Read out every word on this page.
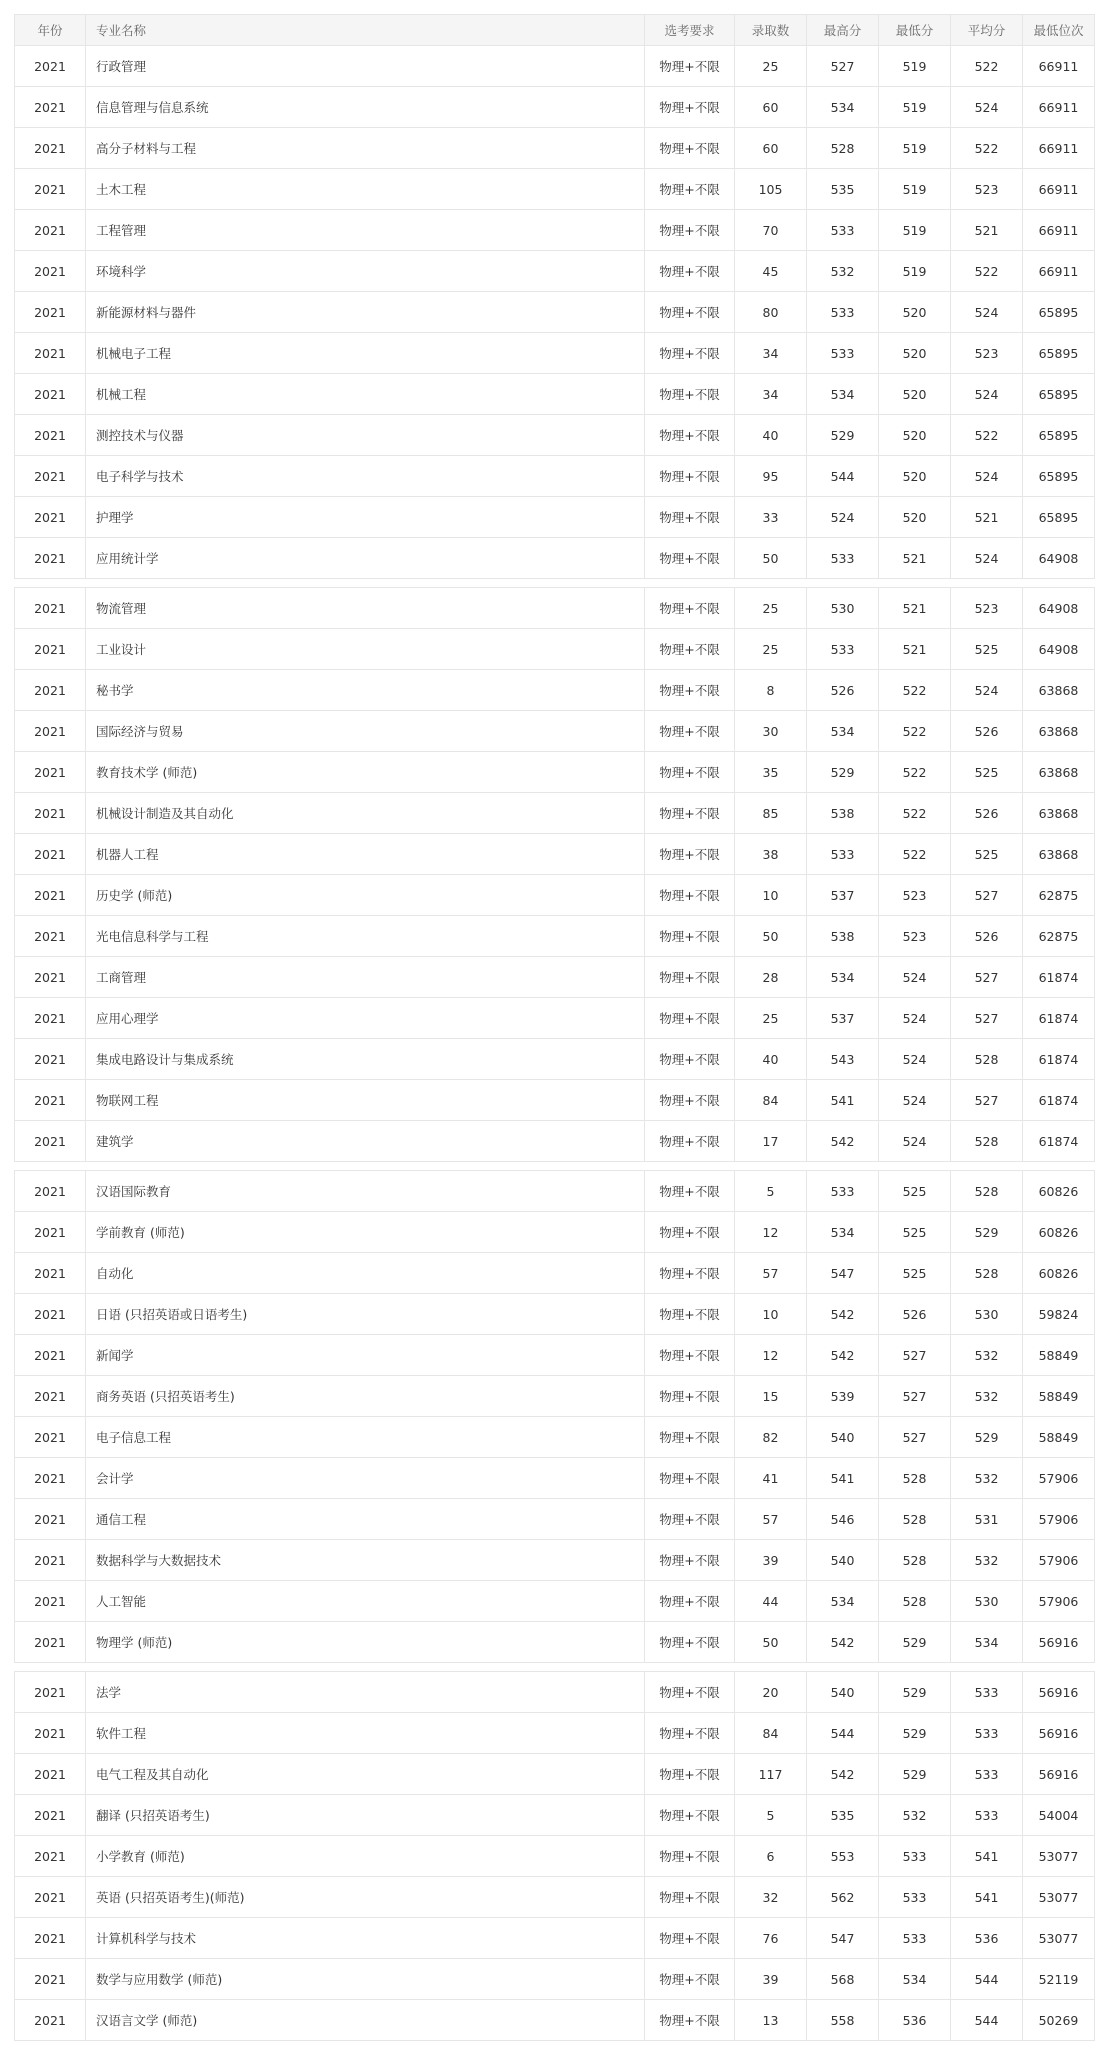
年份	专业名称	选考要求	录取数	最高分	最低分	平均分	最低位次
2021	行政管理	物理+不限	25	527	519	522	66911
2021	信息管理与信息系统	物理+不限	60	534	519	524	66911
2021	高分子材料与工程	物理+不限	60	528	519	522	66911
2021	土木工程	物理+不限	105	535	519	523	66911
2021	工程管理	物理+不限	70	533	519	521	66911
2021	环境科学	物理+不限	45	532	519	522	66911
2021	新能源材料与器件	物理+不限	80	533	520	524	65895
2021	机械电子工程	物理+不限	34	533	520	523	65895
2021	机械工程	物理+不限	34	534	520	524	65895
2021	测控技术与仪器	物理+不限	40	529	520	522	65895
2021	电子科学与技术	物理+不限	95	544	520	524	65895
2021	护理学	物理+不限	33	524	520	521	65895
2021	应用统计学	物理+不限	50	533	521	524	64908

2021	物流管理	物理+不限	25	530	521	523	64908
2021	工业设计	物理+不限	25	533	521	525	64908
2021	秘书学	物理+不限	8	526	522	524	63868
2021	国际经济与贸易	物理+不限	30	534	522	526	63868
2021	教育技术学 (师范)	物理+不限	35	529	522	525	63868
2021	机械设计制造及其自动化	物理+不限	85	538	522	526	63868
2021	机器人工程	物理+不限	38	533	522	525	63868
2021	历史学 (师范)	物理+不限	10	537	523	527	62875
2021	光电信息科学与工程	物理+不限	50	538	523	526	62875
2021	工商管理	物理+不限	28	534	524	527	61874
2021	应用心理学	物理+不限	25	537	524	527	61874
2021	集成电路设计与集成系统	物理+不限	40	543	524	528	61874
2021	物联网工程	物理+不限	84	541	524	527	61874
2021	建筑学	物理+不限	17	542	524	528	61874

2021	汉语国际教育	物理+不限	5	533	525	528	60826
2021	学前教育 (师范)	物理+不限	12	534	525	529	60826
2021	自动化	物理+不限	57	547	525	528	60826
2021	日语 (只招英语或日语考生)	物理+不限	10	542	526	530	59824
2021	新闻学	物理+不限	12	542	527	532	58849
2021	商务英语 (只招英语考生)	物理+不限	15	539	527	532	58849
2021	电子信息工程	物理+不限	82	540	527	529	58849
2021	会计学	物理+不限	41	541	528	532	57906
2021	通信工程	物理+不限	57	546	528	531	57906
2021	数据科学与大数据技术	物理+不限	39	540	528	532	57906
2021	人工智能	物理+不限	44	534	528	530	57906
2021	物理学 (师范)	物理+不限	50	542	529	534	56916

2021	法学	物理+不限	20	540	529	533	56916
2021	软件工程	物理+不限	84	544	529	533	56916
2021	电气工程及其自动化	物理+不限	117	542	529	533	56916
2021	翻译 (只招英语考生)	物理+不限	5	535	532	533	54004
2021	小学教育 (师范)	物理+不限	6	553	533	541	53077
2021	英语 (只招英语考生)(师范)	物理+不限	32	562	533	541	53077
2021	计算机科学与技术	物理+不限	76	547	533	536	53077
2021	数学与应用数学 (师范)	物理+不限	39	568	534	544	52119
2021	汉语言文学 (师范)	物理+不限	13	558	536	544	50269
